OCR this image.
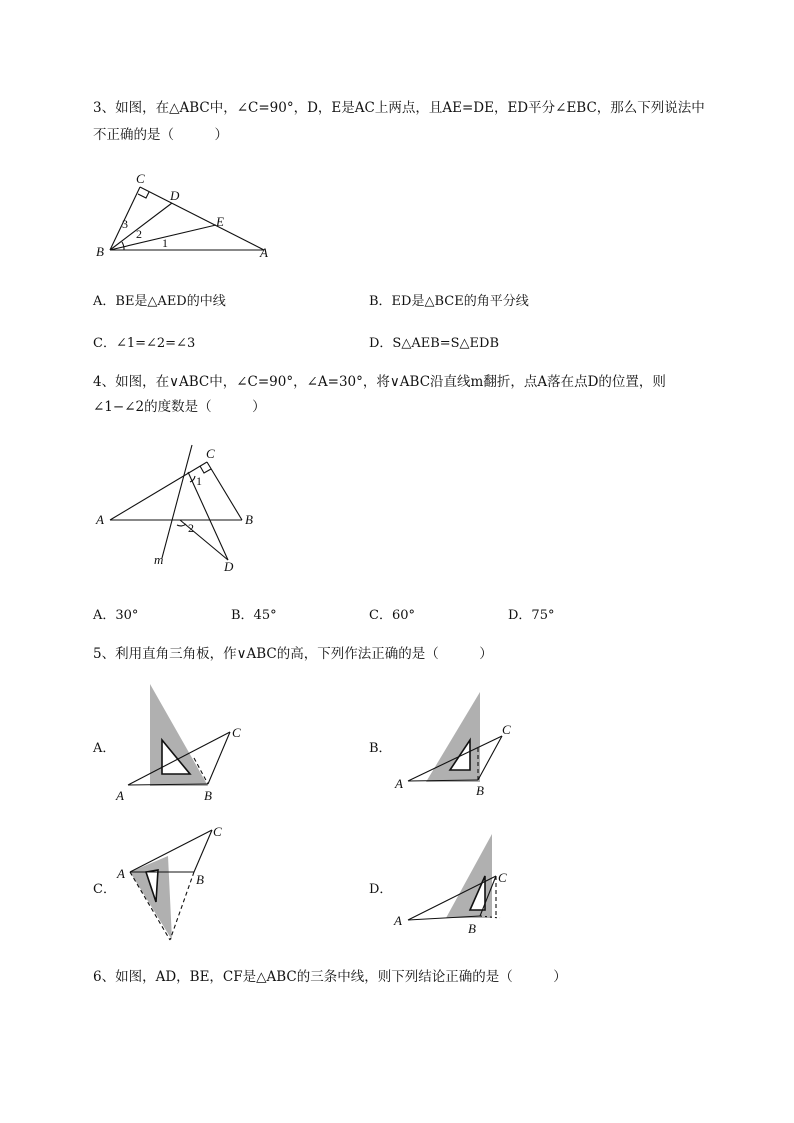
3、如图，在△ABC中，∠C=90°，D，E是AC上两点，且AE=DE，ED平分∠EBC，那么下列说法中
不正确的是（　　　）
C
D
E
B	A
3
2
1
A．BE是△AED的中线	B．ED是△BCE的角平分线
C．∠1=∠2=∠3	D．S△AEB=S△EDB
4、如图，在∨ABC中，∠C=90°，∠A=30°，将∨ABC沿直线m翻折，点A落在点D的位置，则
∠1−∠2的度数是（　　　）
C
A	B
m	D
1
2
A．30°	B．45°	C．60°	D．75°
5、利用直角三角板，作∨ABC的高，下列作法正确的是（　　　）
A．
A	B
C
B．
A	B
C
C．
A	B
C
D．
A
B
C
6、如图，AD，BE，CF是△ABC的三条中线，则下列结论正确的是（　　　）
